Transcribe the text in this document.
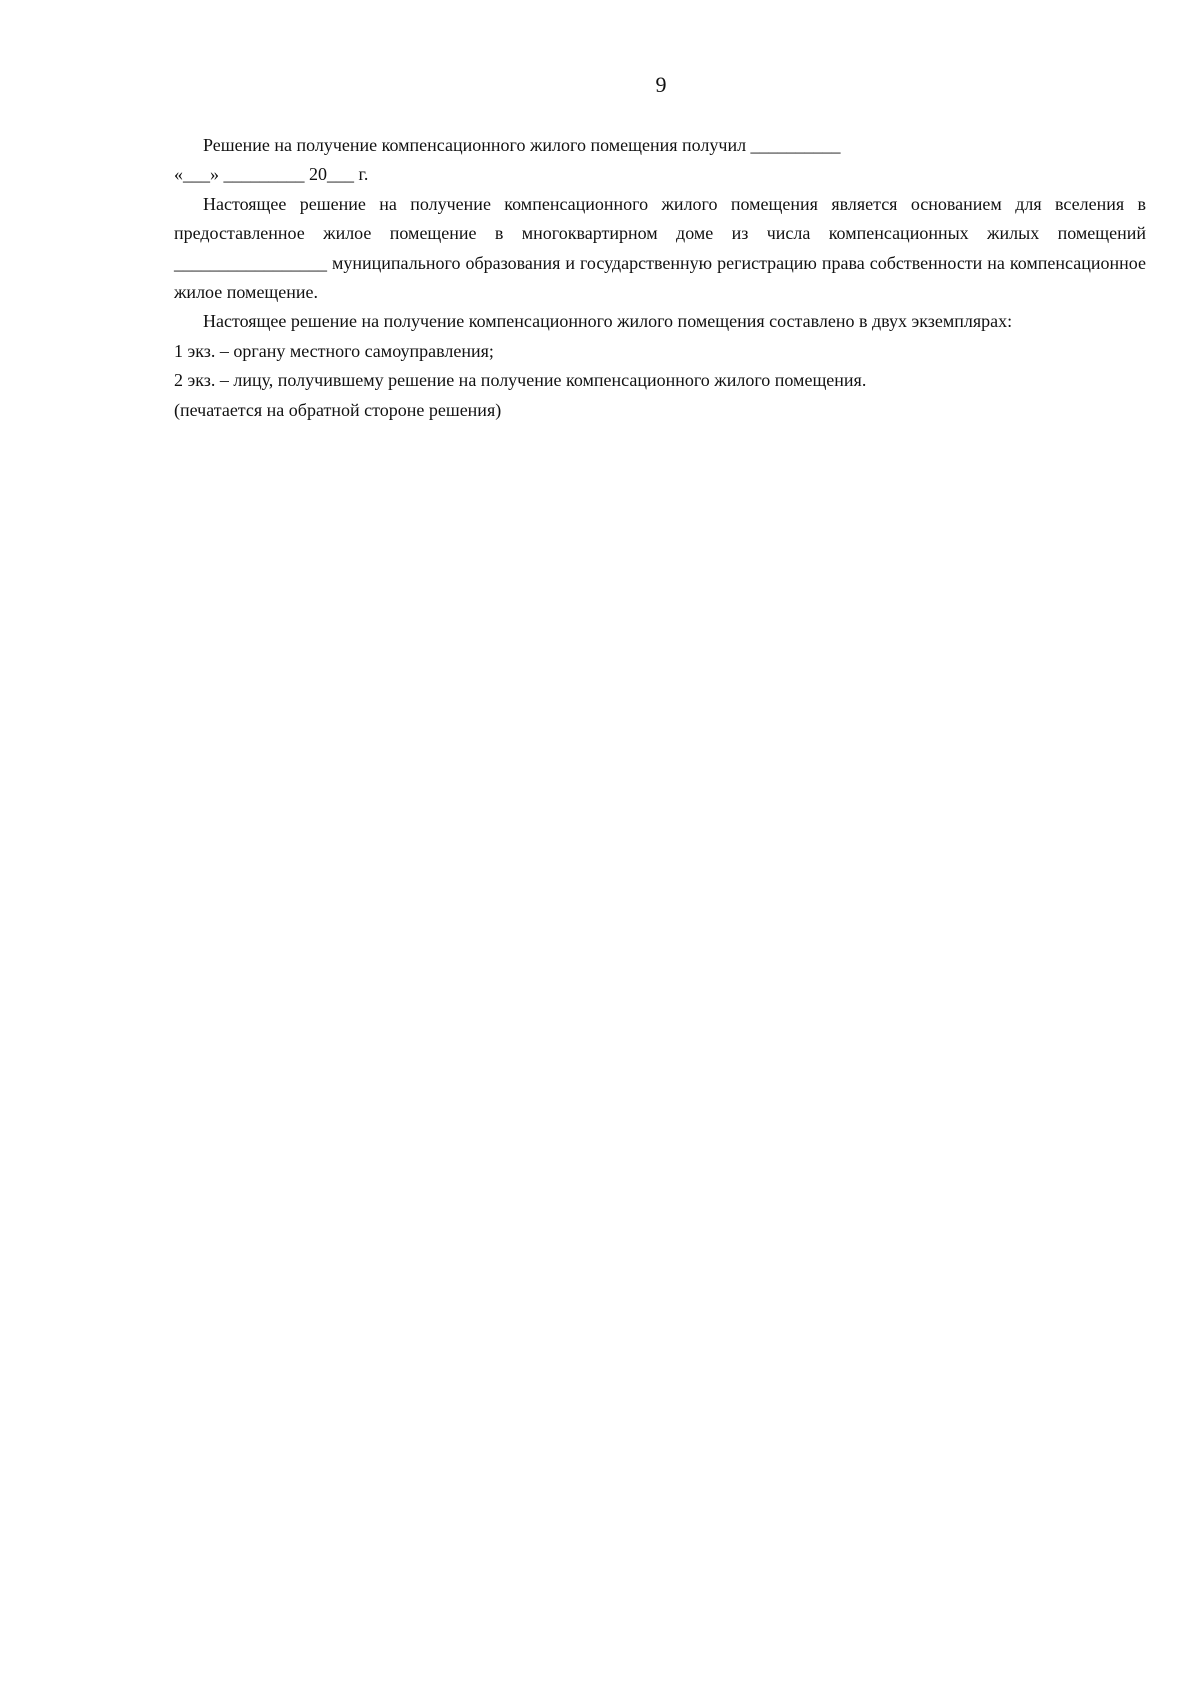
9

Решение на получение компенсационного жилого помещения получил __________

«___» _________ 20___ г.

Настоящее решение на получение компенсационного жилого помещения является основанием для вселения в предоставленное жилое помещение в многоквартирном доме из числа компенсационных жилых помещений _________________ муниципального образования и государственную регистрацию права собственности на компенсационное жилое помещение.

Настоящее решение на получение компенсационного жилого помещения составлено в двух экземплярах:

1 экз. – органу местного самоуправления;

2 экз. – лицу, получившему решение на получение компенсационного жилого помещения.

(печатается на обратной стороне решения)
